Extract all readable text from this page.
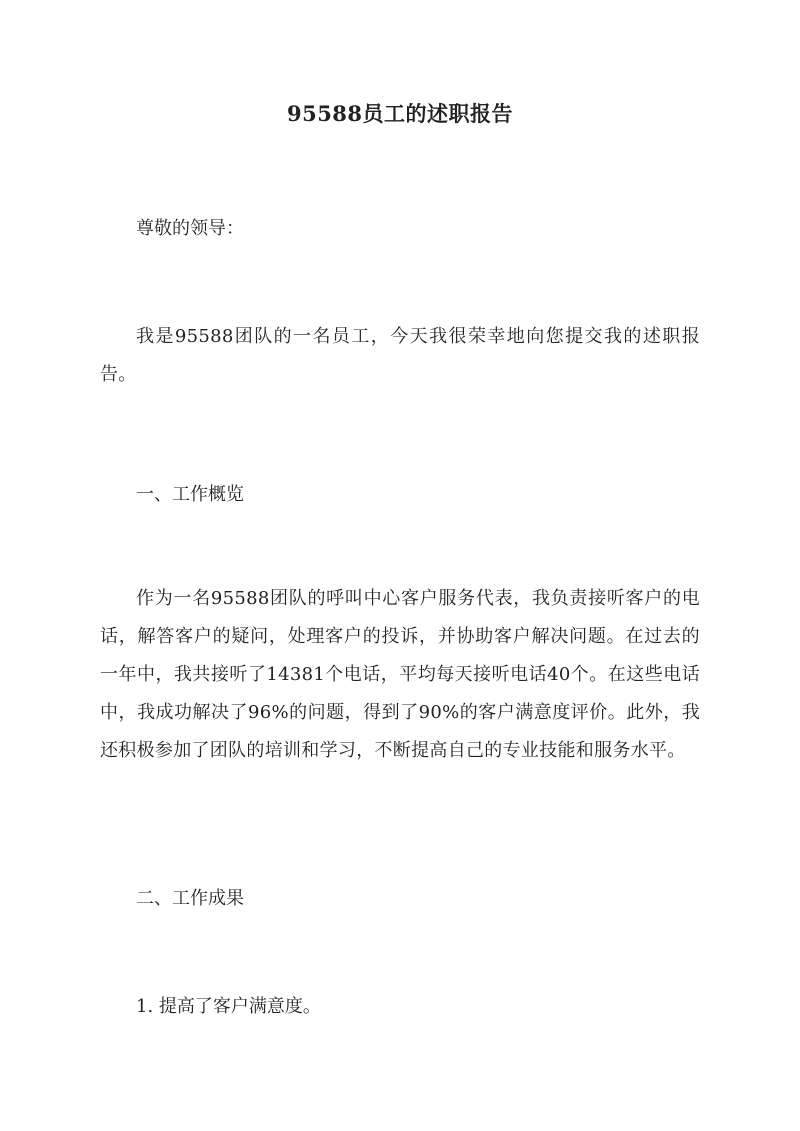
95588员工的述职报告
尊敬的领导：

我是95588团队的一名员工，今天我很荣幸地向您提交我的述职报告。

一、工作概览

作为一名95588团队的呼叫中心客户服务代表，我负责接听客户的电话，解答客户的疑问，处理客户的投诉，并协助客户解决问题。在过去的一年中，我共接听了14381个电话，平均每天接听电话40个。在这些电话中，我成功解决了96%的问题，得到了90%的客户满意度评价。此外，我还积极参加了团队的培训和学习，不断提高自己的专业技能和服务水平。

二、工作成果
1. 提高了客户满意度。
